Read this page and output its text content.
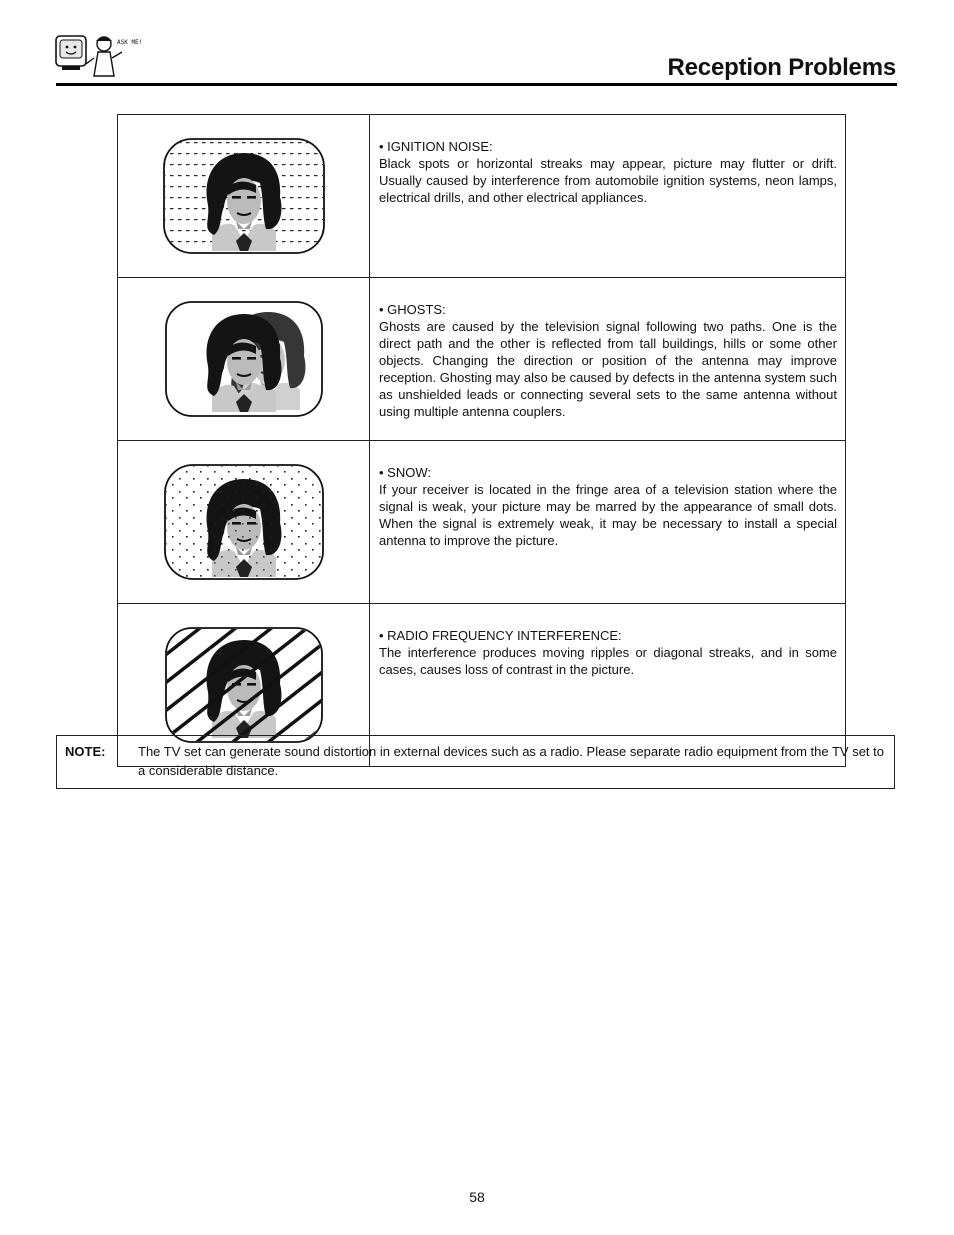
ASK ME!
Reception Problems

• IGNITION NOISE:
Black spots or horizontal streaks may appear, picture may flutter or drift. Usually caused by interference from automobile ignition systems, neon lamps, electrical drills, and other electrical appliances.

• GHOSTS:
Ghosts are caused by the television signal following two paths. One is the direct path and the other is reflected from tall buildings, hills or some other objects. Changing the direction or position of the antenna may improve reception. Ghosting may also be caused by defects in the antenna system such as unshielded leads or connecting several sets to the same antenna without using multiple antenna couplers.

• SNOW:
If your receiver is located in the fringe area of a television station where the signal is weak, your picture may be marred by the appearance of small dots. When the signal is extremely weak, it may be necessary to install a special antenna to improve the picture.

• RADIO FREQUENCY INTERFERENCE:
The interference produces moving ripples or diagonal streaks, and in some cases, causes loss of contrast in the picture.
NOTE:	The TV set can generate sound distortion in external devices such as a radio. Please separate radio equipment from the TV set to a considerable distance.
58
